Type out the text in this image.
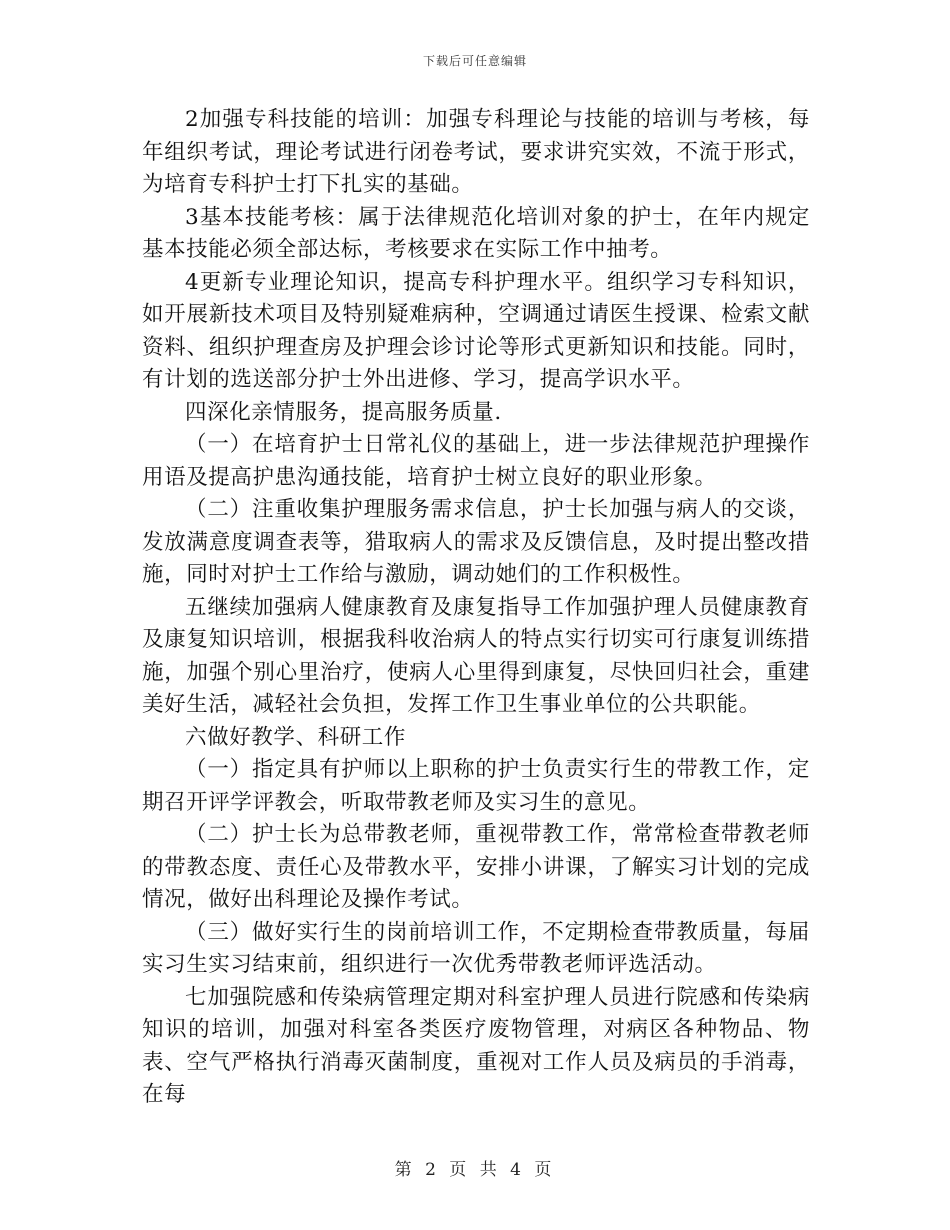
下载后可任意编辑

2加强专科技能的培训：加强专科理论与技能的培训与考核，每年组织考试，理论考试进行闭卷考试，要求讲究实效，不流于形式，为培育专科护士打下扎实的基础。

3基本技能考核：属于法律规范化培训对象的护士，在年内规定基本技能必须全部达标，考核要求在实际工作中抽考。

4更新专业理论知识，提高专科护理水平。组织学习专科知识，如开展新技术项目及特别疑难病种，空调通过请医生授课、检索文献资料、组织护理查房及护理会诊讨论等形式更新知识和技能。同时，有计划的选送部分护士外出进修、学习，提高学识水平。

四深化亲情服务，提高服务质量.

（一）在培育护士日常礼仪的基础上，进一步法律规范护理操作用语及提高护患沟通技能，培育护士树立良好的职业形象。

（二）注重收集护理服务需求信息，护士长加强与病人的交谈，发放满意度调查表等，猎取病人的需求及反馈信息，及时提出整改措施，同时对护士工作给与激励，调动她们的工作积极性。

五继续加强病人健康教育及康复指导工作加强护理人员健康教育及康复知识培训，根据我科收治病人的特点实行切实可行康复训练措施，加强个别心里治疗，使病人心里得到康复，尽快回归社会，重建美好生活，减轻社会负担，发挥工作卫生事业单位的公共职能。

六做好教学、科研工作

（一）指定具有护师以上职称的护士负责实行生的带教工作，定期召开评学评教会，听取带教老师及实习生的意见。

（二）护士长为总带教老师，重视带教工作，常常检查带教老师的带教态度、责任心及带教水平，安排小讲课，了解实习计划的完成情况，做好出科理论及操作考试。

（三）做好实行生的岗前培训工作，不定期检查带教质量，每届实习生实习结束前，组织进行一次优秀带教老师评选活动。

七加强院感和传染病管理定期对科室护理人员进行院感和传染病知识的培训，加强对科室各类医疗废物管理，对病区各种物品、物表、空气严格执行消毒灭菌制度，重视对工作人员及病员的手消毒，在每

第 2 页 共 4 页
